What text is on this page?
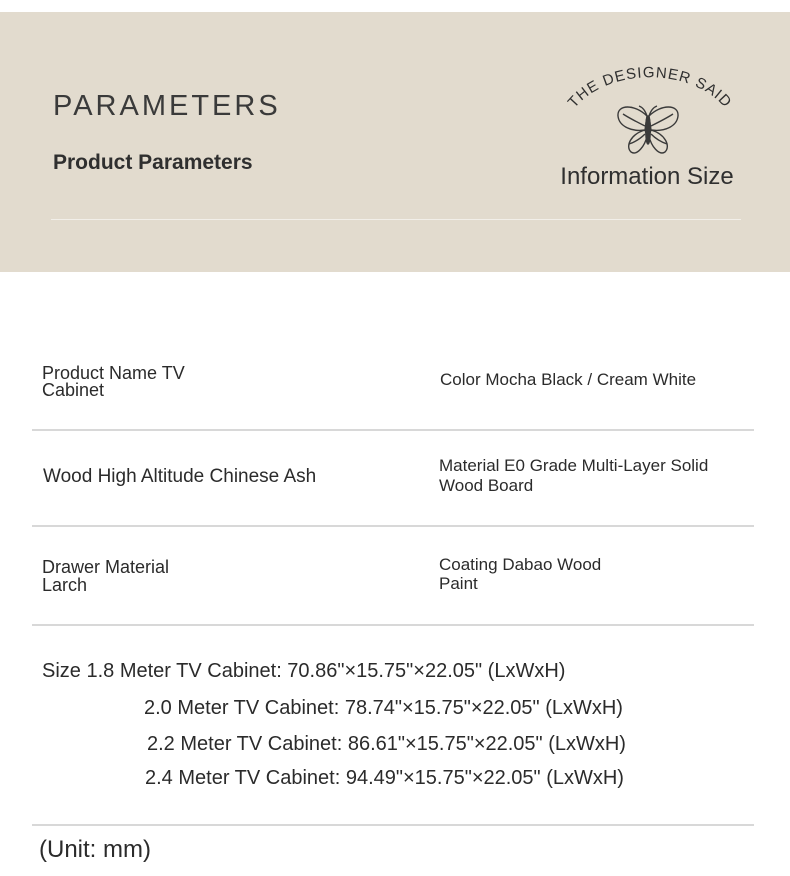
PARAMETERS
Product Parameters
THE DESIGNER SAID
Information Size
Product Name TV
Cabinet
Color Mocha Black / Cream White
Wood High Altitude Chinese Ash
Material E0 Grade Multi-Layer Solid
Wood Board
Drawer Material
Larch
Coating Dabao Wood
Paint
Size 1.8 Meter TV Cabinet: 70.86"×15.75"×22.05" (LxWxH)
2.0 Meter TV Cabinet: 78.74"×15.75"×22.05" (LxWxH)
2.2 Meter TV Cabinet: 86.61"×15.75"×22.05" (LxWxH)
2.4 Meter TV Cabinet: 94.49"×15.75"×22.05" (LxWxH)
(Unit: mm)
